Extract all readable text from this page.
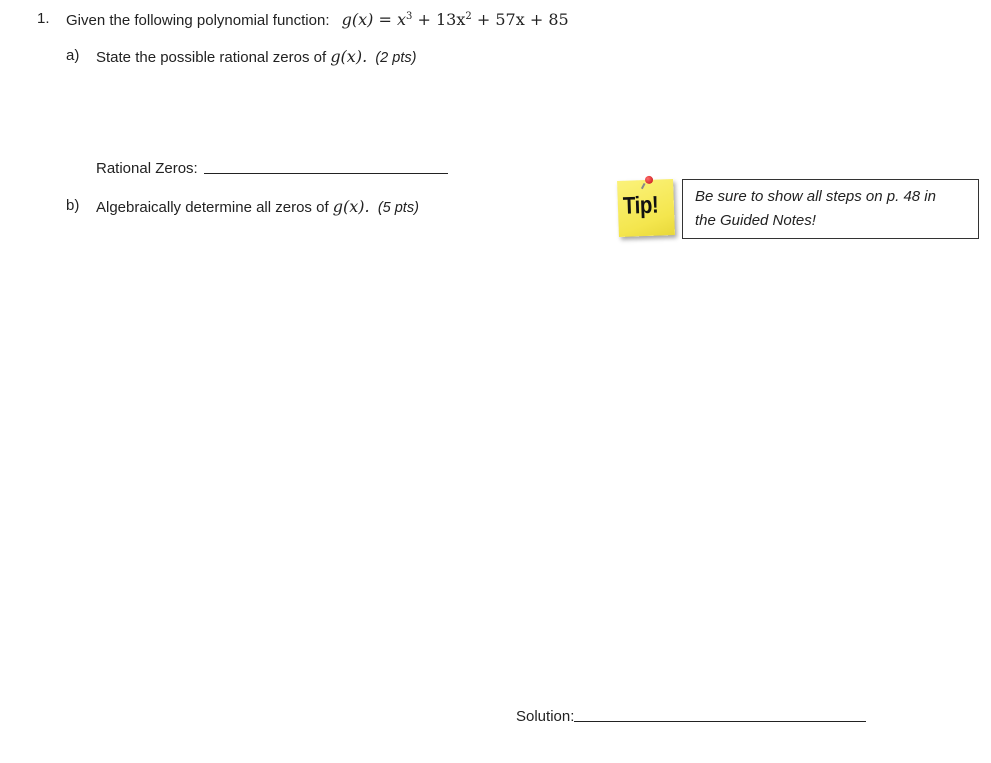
1. Given the following polynomial function: $g(x) = x^3 + 13x^2 + 57x + 85$
a) State the possible rational zeros of g(x). (2 pts)
Rational Zeros:
b) Algebraically determine all zeros of g(x). (5 pts)	Tip! Be sure to show all steps on p. 48 in
the Guided Notes!
Solution:
